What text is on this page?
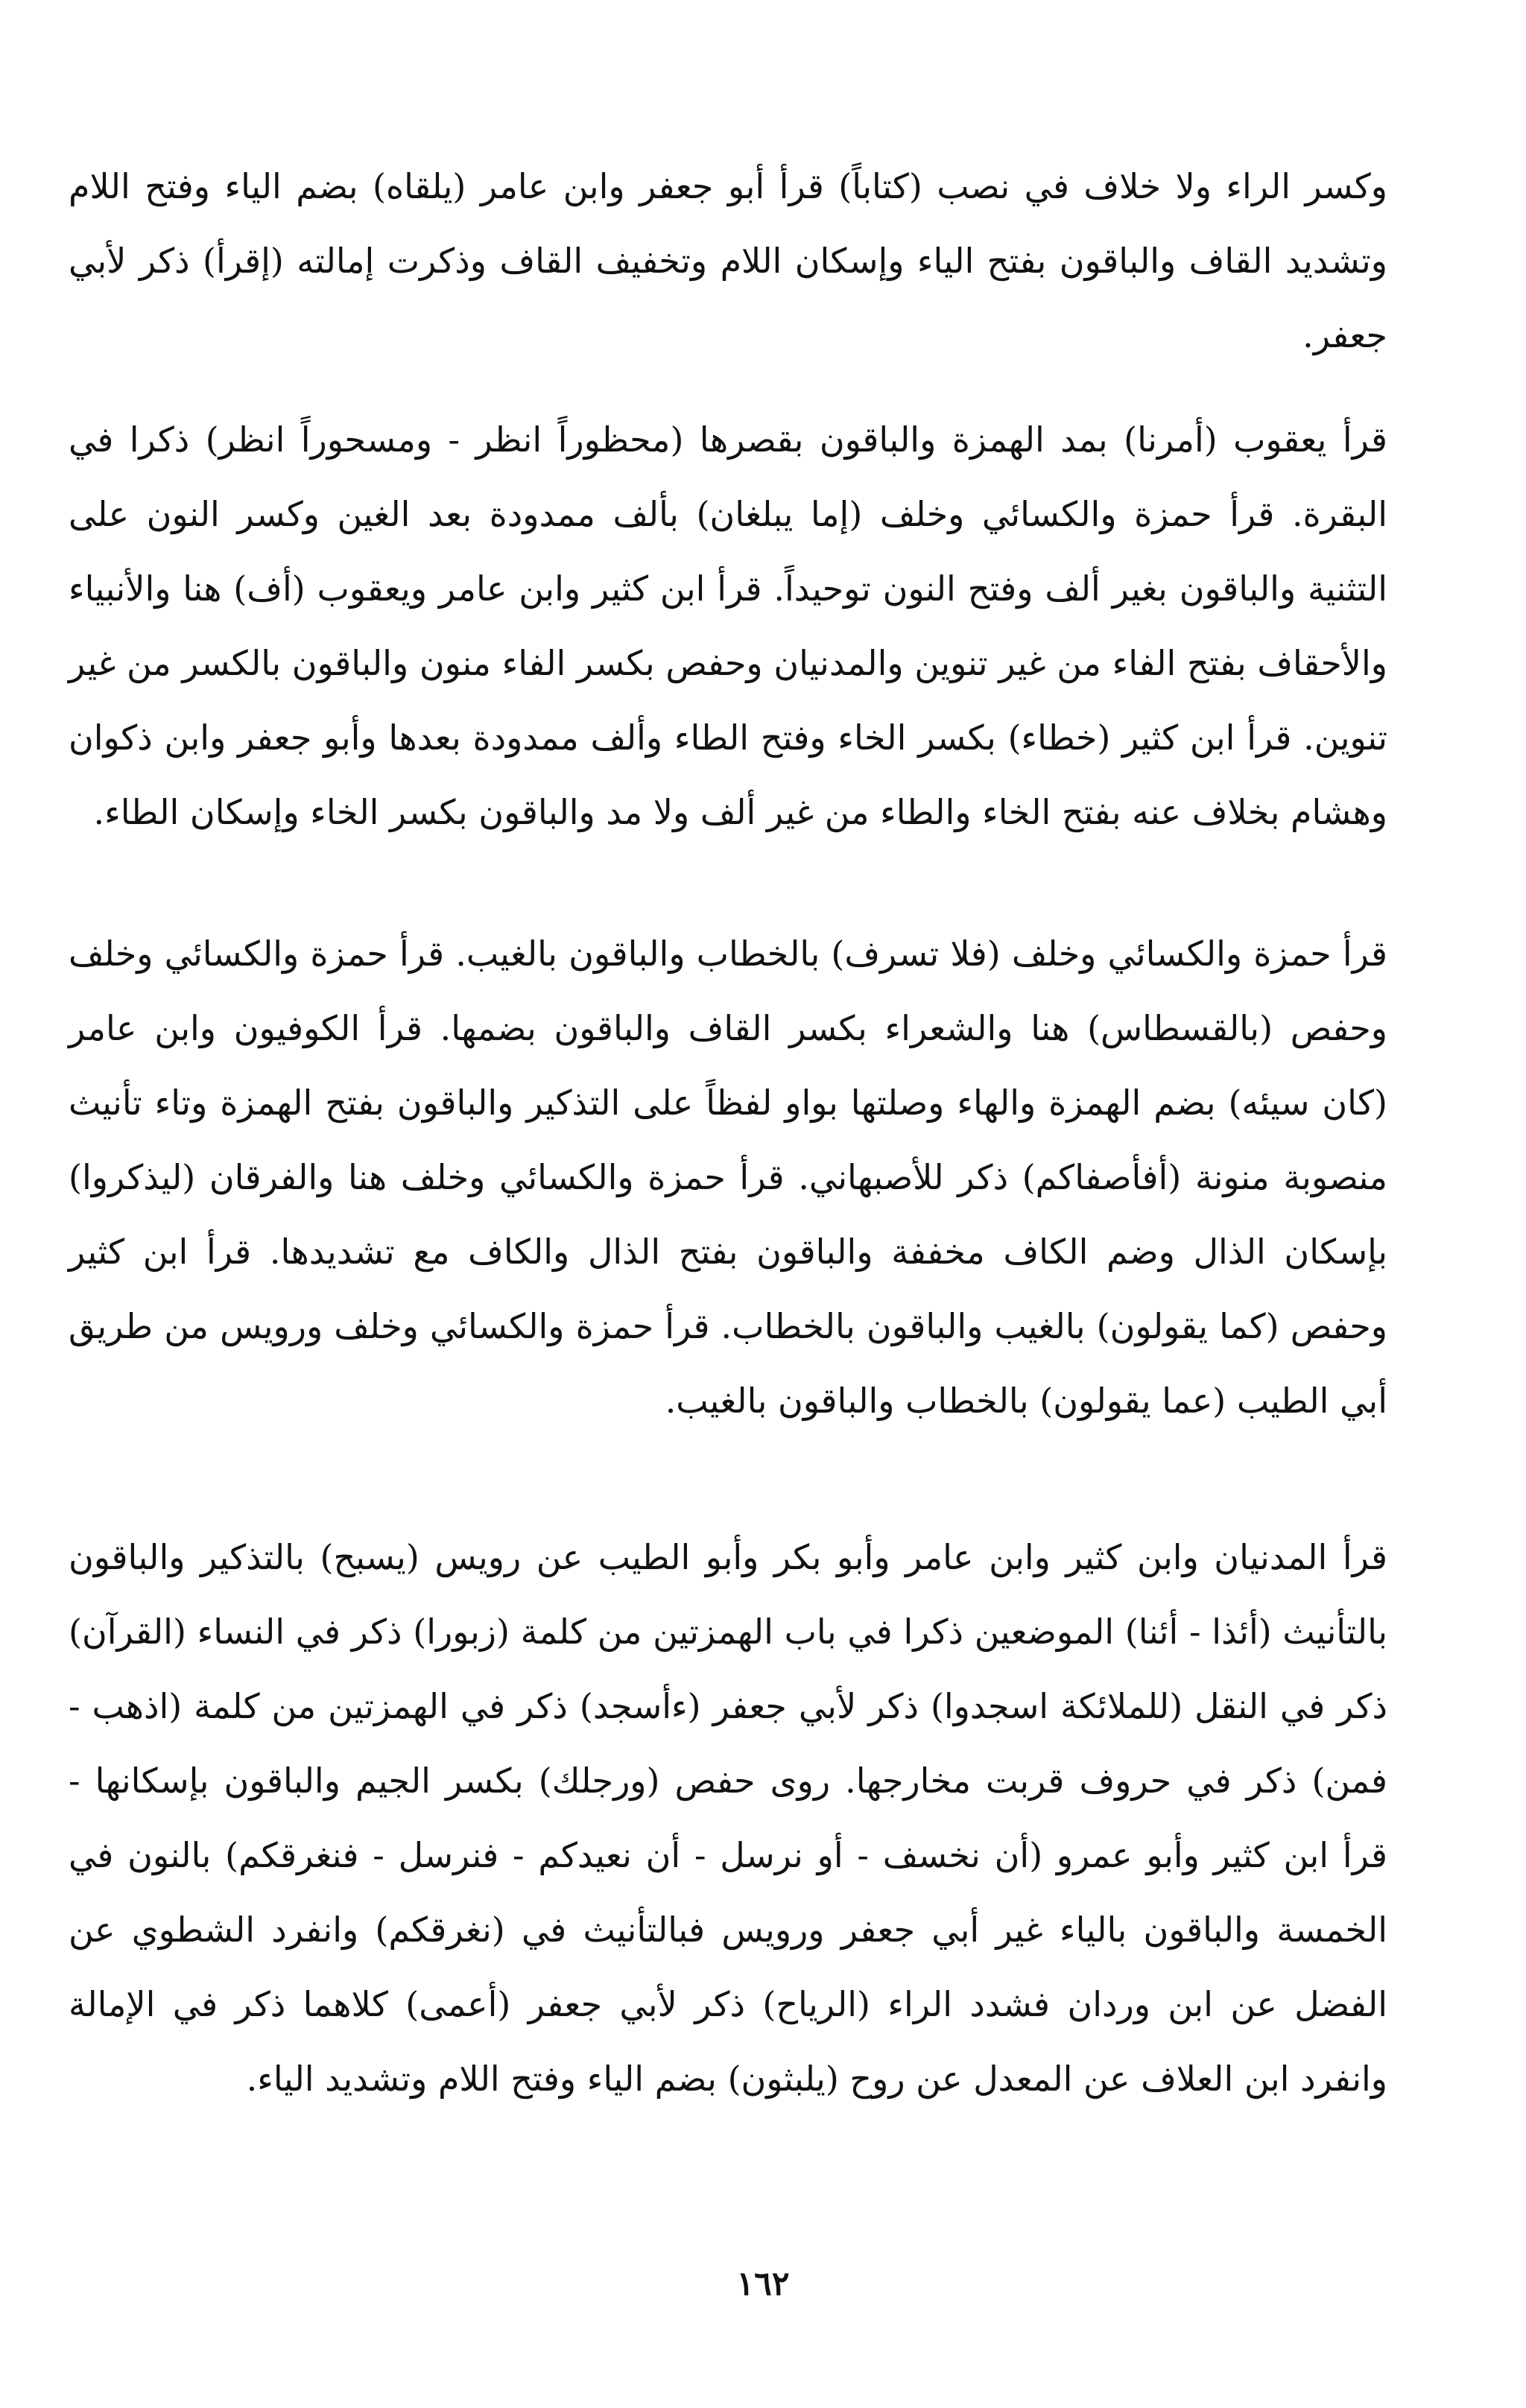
وكسر الراء ولا خلاف في نصب (كتاباً) قرأ أبو جعفر وابن عامر (يلقاه) بضم الياء وفتح اللام وتشديد القاف والباقون بفتح الياء وإسكان اللام وتخفيف القاف وذكرت إمالته (إقرأ) ذكر لأبي جعفر.

قرأ يعقوب (أمرنا) بمد الهمزة والباقون بقصرها (محظوراً انظر - ومسحوراً انظر) ذكرا في البقرة. قرأ حمزة والكسائي وخلف (إما يبلغان) بألف ممدودة بعد الغين وكسر النون على التثنية والباقون بغير ألف وفتح النون توحيداً. قرأ ابن كثير وابن عامر ويعقوب (أف) هنا والأنبياء والأحقاف بفتح الفاء من غير تنوين والمدنيان وحفص بكسر الفاء منون والباقون بالكسر من غير تنوين. قرأ ابن كثير (خطاء) بكسر الخاء وفتح الطاء وألف ممدودة بعدها وأبو جعفر وابن ذكوان وهشام بخلاف عنه بفتح الخاء والطاء من غير ألف ولا مد والباقون بكسر الخاء وإسكان الطاء.

قرأ حمزة والكسائي وخلف (فلا تسرف) بالخطاب والباقون بالغيب. قرأ حمزة والكسائي وخلف وحفص (بالقسطاس) هنا والشعراء بكسر القاف والباقون بضمها. قرأ الكوفيون وابن عامر (كان سيئه) بضم الهمزة والهاء وصلتها بواو لفظاً على التذكير والباقون بفتح الهمزة وتاء تأنيث منصوبة منونة (أفأصفاكم) ذكر للأصبهاني. قرأ حمزة والكسائي وخلف هنا والفرقان (ليذكروا) بإسكان الذال وضم الكاف مخففة والباقون بفتح الذال والكاف مع تشديدها. قرأ ابن كثير وحفص (كما يقولون) بالغيب والباقون بالخطاب. قرأ حمزة والكسائي وخلف ورويس من طريق أبي الطيب (عما يقولون) بالخطاب والباقون بالغيب.

قرأ المدنيان وابن كثير وابن عامر وأبو بكر وأبو الطيب عن رويس (يسبح) بالتذكير والباقون بالتأنيث (أئذا - أئنا) الموضعين ذكرا في باب الهمزتين من كلمة (زبورا) ذكر في النساء (القرآن) ذكر في النقل (للملائكة اسجدوا) ذكر لأبي جعفر (ءأسجد) ذكر في الهمزتين من كلمة (اذهب - فمن) ذكر في حروف قربت مخارجها. روى حفص (ورجلك) بكسر الجيم والباقون بإسكانها - قرأ ابن كثير وأبو عمرو (أن نخسف - أو نرسل - أن نعيدكم - فنرسل - فنغرقكم) بالنون في الخمسة والباقون بالياء غير أبي جعفر ورويس فبالتأنيث في (نغرقكم) وانفرد الشطوي عن الفضل عن ابن وردان فشدد الراء (الرياح) ذكر لأبي جعفر (أعمى) كلاهما ذكر في الإمالة وانفرد ابن العلاف عن المعدل عن روح (يلبثون) بضم الياء وفتح اللام وتشديد الياء.

١٦٢
